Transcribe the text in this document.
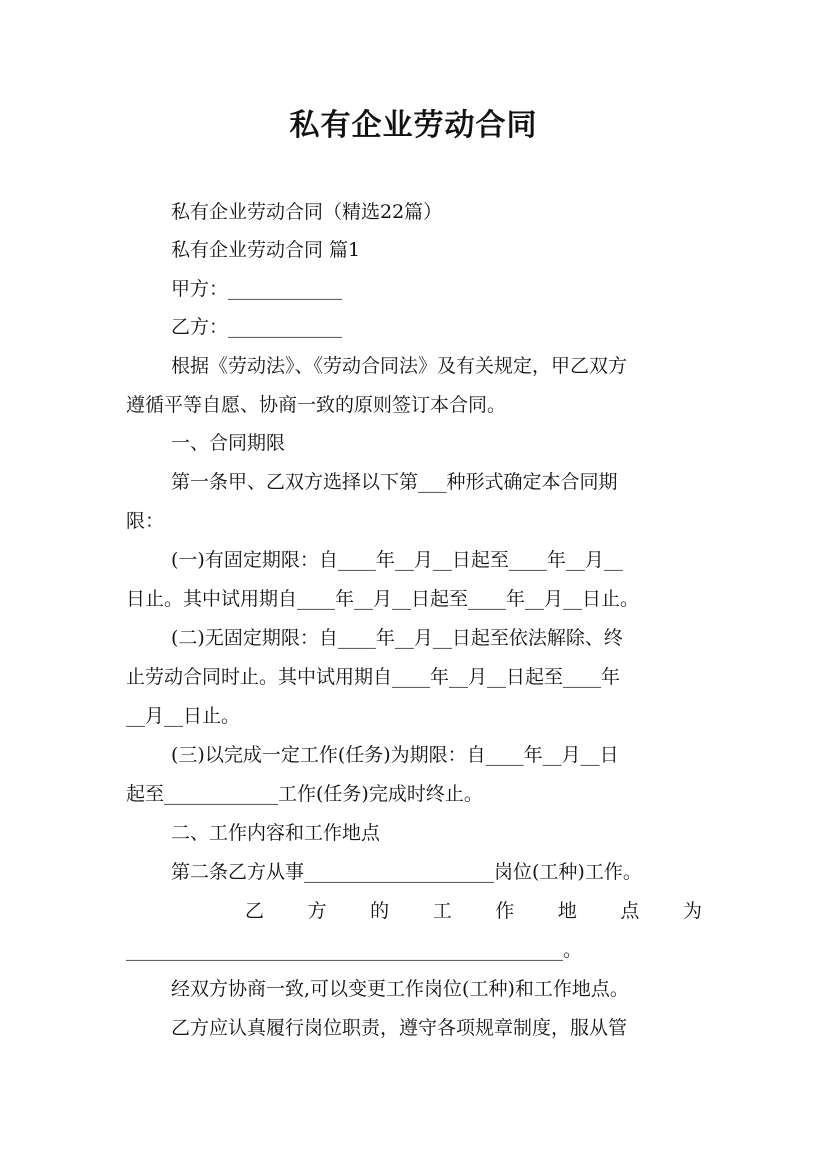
私有企业劳动合同
私有企业劳动合同（精选22篇）
私有企业劳动合同 篇1
甲方：____________
乙方：____________
根据《劳动法》、《劳动合同法》及有关规定，甲乙双方
遵循平等自愿、协商一致的原则签订本合同。
一、合同期限
第一条甲、乙双方选择以下第___种形式确定本合同期
限：
(一)有固定期限：自____年__月__日起至____年__月__
日止。其中试用期自____年__月__日起至____年__月__日止。
(二)无固定期限：自____年__月__日起至依法解除、终
止劳动合同时止。其中试用期自____年__月__日起至____年
__月__日止。
(三)以完成一定工作(任务)为期限：自____年__月__日
起至____________工作(任务)完成时终止。
二、工作内容和工作地点
第二条乙方从事____________________岗位(工种)工作。
乙 方 的 工 作 地 点 为
______________________________________________。
经双方协商一致,可以变更工作岗位(工种)和工作地点。
乙方应认真履行岗位职责，遵守各项规章制度，服从管
